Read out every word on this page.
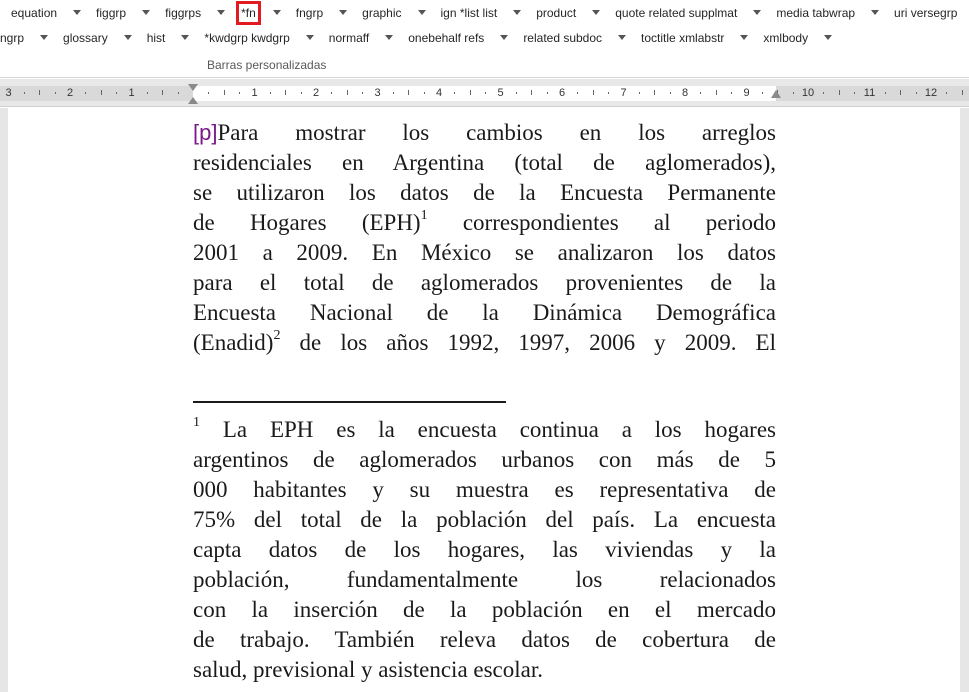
equation	figgrp	figgrps	*fn	fngrp	graphic	ign *list list	product	quote related supplmat	media tabwrap	uri versegrp
ngrp	glossary	hist	*kwdgrp kwdgrp	normaff	onebehalf refs	related subdoc	toctitle xmlabstr	xmlbody
Barras personalizadas
3	2	1	1	2	3	4	5	6	7	8	9	10	11	12
[p]Para mostrar los cambios en los arreglos
residenciales en Argentina (total de aglomerados),
se utilizaron los datos de la Encuesta Permanente
de Hogares (EPH)$^1$ correspondientes al periodo
2001 a 2009. En México se analizaron los datos
para el total de aglomerados provenientes de la
Encuesta Nacional de la Dinámica Demográfica
(Enadid)$^2$ de los años 1992, 1997, 2006 y 2009. El
$^1$ La EPH es la encuesta continua a los hogares
argentinos de aglomerados urbanos con más de 5
000 habitantes y su muestra es representativa de
75% del total de la población del país. La encuesta
capta datos de los hogares, las viviendas y la
población, fundamentalmente los relacionados
con la inserción de la población en el mercado
de trabajo. También releva datos de cobertura de
salud, previsional y asistencia escolar.
